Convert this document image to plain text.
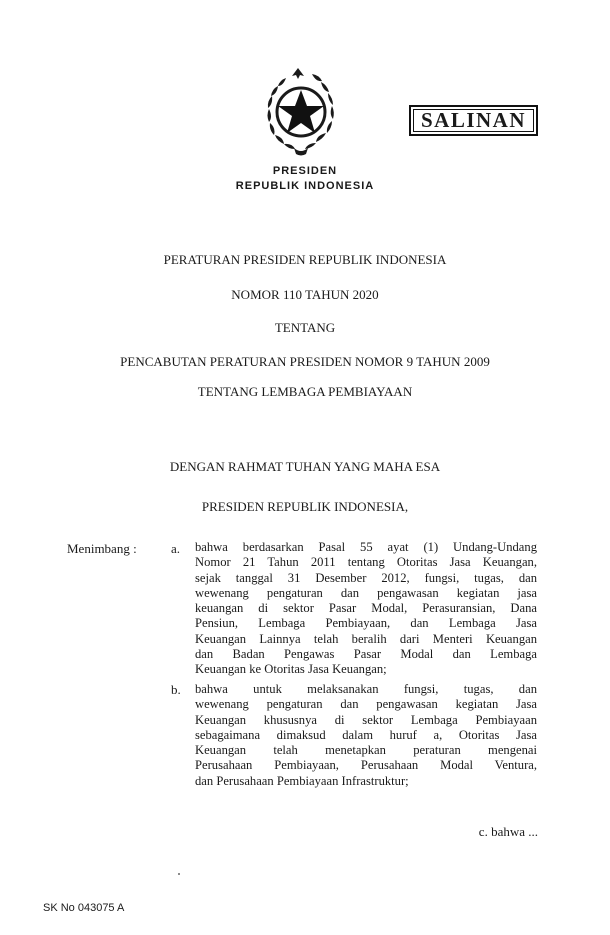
SALINAN
PRESIDEN
REPUBLIK INDONESIA
PERATURAN PRESIDEN REPUBLIK INDONESIA
NOMOR 110 TAHUN 2020
TENTANG
PENCABUTAN PERATURAN PRESIDEN NOMOR 9 TAHUN 2009
TENTANG LEMBAGA PEMBIAYAAN
DENGAN RAHMAT TUHAN YANG MAHA ESA
PRESIDEN REPUBLIK INDONESIA,
Menimbang :	a. bahwa berdasarkan Pasal 55 ayat (1) Undang-Undang
Nomor 21 Tahun 2011 tentang Otoritas Jasa Keuangan,
sejak tanggal 31 Desember 2012, fungsi, tugas, dan
wewenang pengaturan dan pengawasan kegiatan jasa
keuangan di sektor Pasar Modal, Perasuransian, Dana
Pensiun, Lembaga Pembiayaan, dan Lembaga Jasa
Keuangan Lainnya telah beralih dari Menteri Keuangan
dan Badan Pengawas Pasar Modal dan Lembaga
Keuangan ke Otoritas Jasa Keuangan;
b. bahwa untuk melaksanakan fungsi, tugas, dan
wewenang pengaturan dan pengawasan kegiatan Jasa
Keuangan khususnya di sektor Lembaga Pembiayaan
sebagaimana dimaksud dalam huruf a, Otoritas Jasa
Keuangan telah menetapkan peraturan mengenai
Perusahaan Pembiayaan, Perusahaan Modal Ventura,
dan Perusahaan Pembiayaan Infrastruktur;
c. bahwa ...
SK No 043075 A
